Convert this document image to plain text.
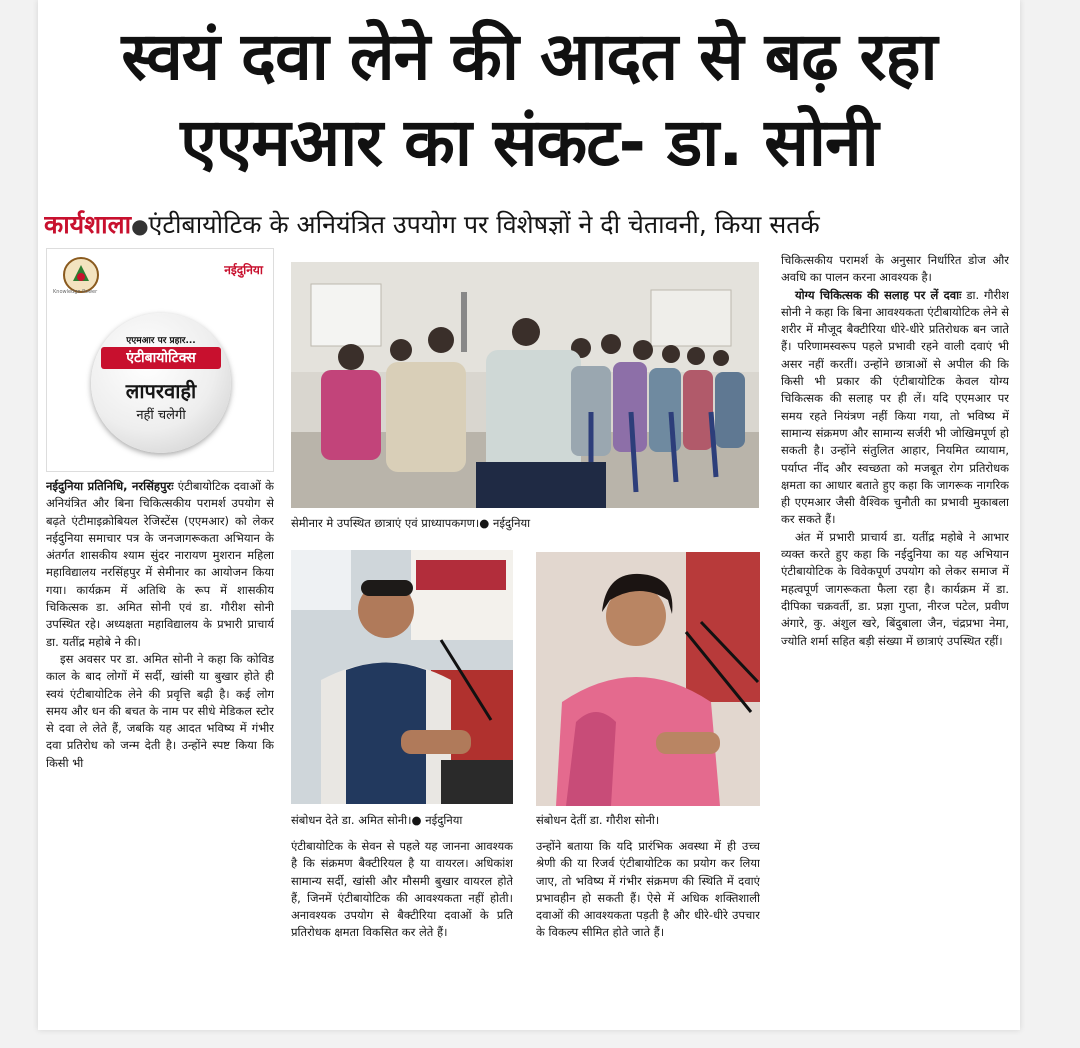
स्वयं दवा लेने की आदत से बढ़ रहा
एएमआर का संकट- डा. सोनी
कार्यशाला●एंटीबायोटिक के अनियंत्रित उपयोग पर विशेषज्ञों ने दी चेतावनी, किया सतर्क
Knowledge Power
नईदुनिया
एएमआर पर प्रहार...
एंटीबायोटिक्स
लापरवाही
नहीं चलेगी

नईदुनिया प्रतिनिधि, नरसिंहपुरः एंटीबायोटिक दवाओं के अनियंत्रित और बिना चिकित्सकीय परामर्श उपयोग से बढ़ते एंटीमाइक्रोबियल रेजिस्टेंस (एएमआर) को लेकर नईदुनिया समाचार पत्र के जनजागरूकता अभियान के अंतर्गत शासकीय श्याम सुंदर नारायण मुशरान महिला महाविद्यालय नरसिंहपुर में सेमीनार का आयोजन किया गया। कार्यक्रम में अतिथि के रूप में शासकीय चिकित्सक डा. अमित सोनी एवं डा. गौरीश सोनी उपस्थित रहे। अध्यक्षता महाविद्यालय के प्रभारी प्राचार्य डा. यतींद्र महोबे ने की।

इस अवसर पर डा. अमित सोनी ने कहा कि कोविड काल के बाद लोगों में सर्दी, खांसी या बुखार होते ही स्वयं एंटीबायोटिक लेने की प्रवृत्ति बढ़ी है। कई लोग समय और धन की बचत के नाम पर सीधे मेडिकल स्टोर से दवा ले लेते हैं, जबकि यह आदत भविष्य में गंभीर दवा प्रतिरोध को जन्म देती है। उन्होंने स्पष्ट किया कि किसी भी

सेमीनार मे उपस्थित छात्राएं एवं प्राध्यापकगण।● नईदुनिया
संबोधन देते डा. अमित सोनी।● नईदुनिया	संबोधन देतीं डा. गौरीश सोनी।

एंटीबायोटिक के सेवन से पहले यह जानना आवश्यक है कि संक्रमण बैक्टीरियल है या वायरल। अधिकांश सामान्य सर्दी, खांसी और मौसमी बुखार वायरल होते हैं, जिनमें एंटीबायोटिक की आवश्यकता नहीं होती। अनावश्यक उपयोग से बैक्टीरिया दवाओं के प्रति प्रतिरोधक क्षमता विकसित कर लेते हैं।

उन्होंने बताया कि यदि प्रारंभिक अवस्था में ही उच्च श्रेणी की या रिजर्व एंटीबायोटिक का प्रयोग कर लिया जाए, तो भविष्य में गंभीर संक्रमण की स्थिति में दवाएं प्रभावहीन हो सकती हैं। ऐसे में अधिक शक्तिशाली दवाओं की आवश्यकता पड़ती है और धीरे-धीरे उपचार के विकल्प सीमित होते जाते हैं।

चिकित्सकीय परामर्श के अनुसार निर्धारित डोज और अवधि का पालन करना आवश्यक है।

योग्य चिकित्सक की सलाह पर लें दवाः डा. गौरीश सोनी ने कहा कि बिना आवश्यकता एंटीबायोटिक लेने से शरीर में मौजूद बैक्टीरिया धीरे-धीरे प्रतिरोधक बन जाते हैं। परिणामस्वरूप पहले प्रभावी रहने वाली दवाएं भी असर नहीं करतीं। उन्होंने छात्राओं से अपील की कि किसी भी प्रकार की एंटीबायोटिक केवल योग्य चिकित्सक की सलाह पर ही लें। यदि एएमआर पर समय रहते नियंत्रण नहीं किया गया, तो भविष्य में सामान्य संक्रमण और सामान्य सर्जरी भी जोखिमपूर्ण हो सकती है। उन्होंने संतुलित आहार, नियमित व्यायाम, पर्याप्त नींद और स्वच्छता को मजबूत रोग प्रतिरोधक क्षमता का आधार बताते हुए कहा कि जागरूक नागरिक ही एएमआर जैसी वैश्विक चुनौती का प्रभावी मुकाबला कर सकते हैं।

अंत में प्रभारी प्राचार्य डा. यतींद्र महोबे ने आभार व्यक्त करते हुए कहा कि नईदुनिया का यह अभियान एंटीबायोटिक के विवेकपूर्ण उपयोग को लेकर समाज में महत्वपूर्ण जागरूकता फैला रहा है। कार्यक्रम में डा. दीपिका चक्रवर्ती, डा. प्रज्ञा गुप्ता, नीरज पटेल, प्रवीण अंगारे, कु. अंशुल खरे, बिंदुबाला जैन, चंद्रप्रभा नेमा, ज्योति शर्मा सहित बड़ी संख्या में छात्राएं उपस्थित रहीं।
